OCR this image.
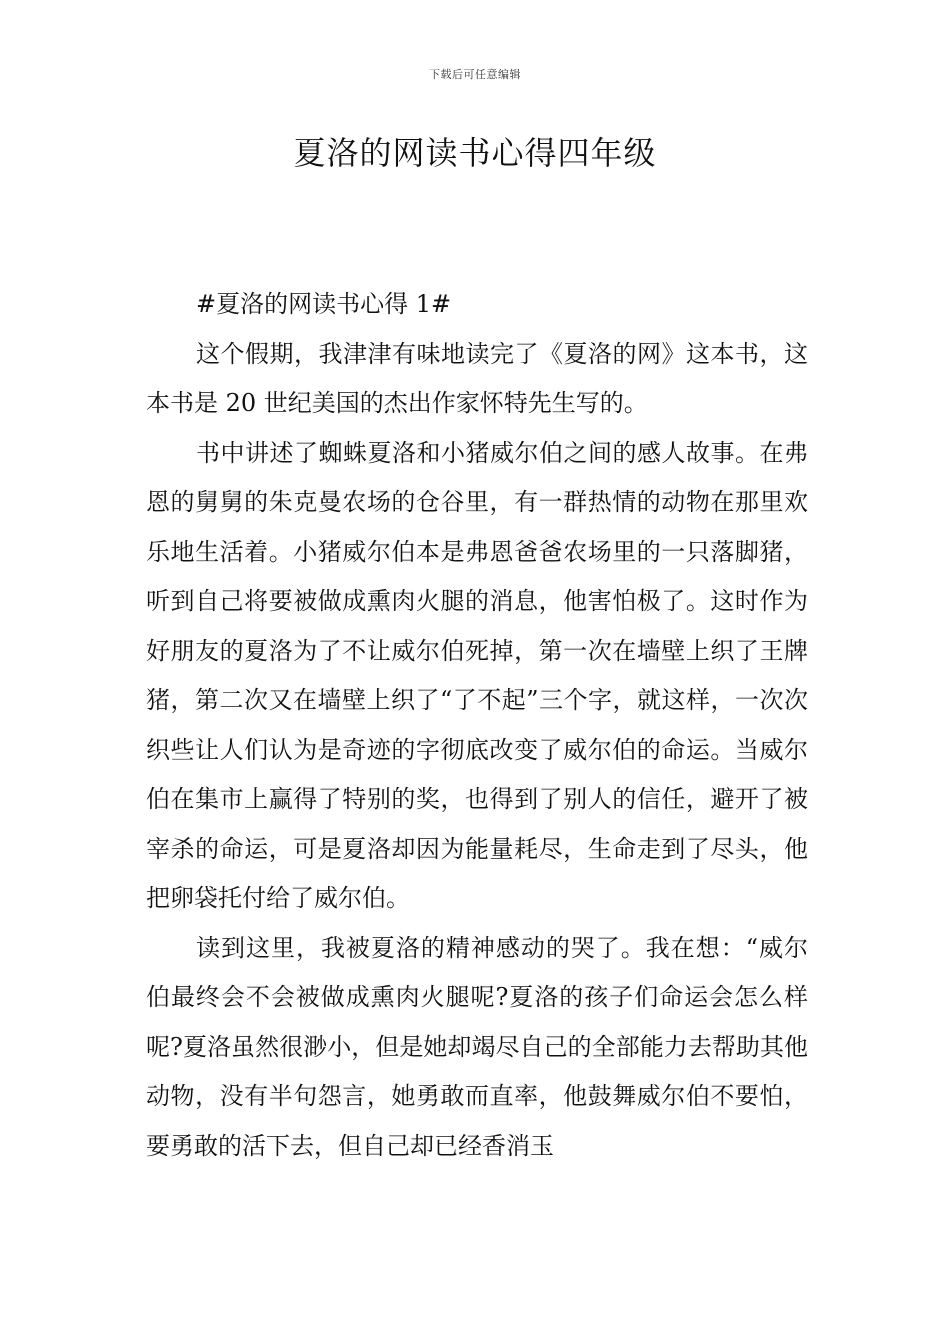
下载后可任意编辑
夏洛的网读书心得四年级

#夏洛的网读书心得 1#

这个假期，我津津有味地读完了《夏洛的网》这本书，这本书是 20 世纪美国的杰出作家怀特先生写的。

书中讲述了蜘蛛夏洛和小猪威尔伯之间的感人故事。在弗恩的舅舅的朱克曼农场的仓谷里，有一群热情的动物在那里欢乐地生活着。小猪威尔伯本是弗恩爸爸农场里的一只落脚猪，听到自己将要被做成熏肉火腿的消息，他害怕极了。这时作为好朋友的夏洛为了不让威尔伯死掉，第一次在墙壁上织了王牌猪，第二次又在墙壁上织了“了不起”三个字，就这样，一次次织些让人们认为是奇迹的字彻底改变了威尔伯的命运。当威尔伯在集市上赢得了特别的奖，也得到了别人的信任，避开了被宰杀的命运，可是夏洛却因为能量耗尽，生命走到了尽头，他把卵袋托付给了威尔伯。

读到这里，我被夏洛的精神感动的哭了。我在想：“威尔伯最终会不会被做成熏肉火腿呢?夏洛的孩子们命运会怎么样呢?夏洛虽然很渺小，但是她却竭尽自己的全部能力去帮助其他动物，没有半句怨言，她勇敢而直率，他鼓舞威尔伯不要怕，要勇敢的活下去，但自己却已经香消玉
